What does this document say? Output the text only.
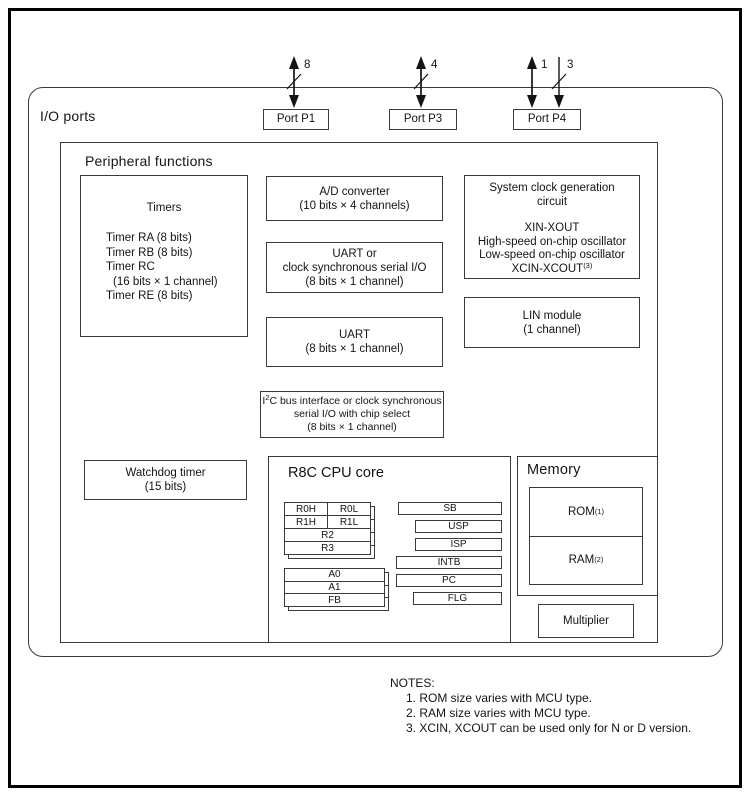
I/O ports	Port P1	Port P3	Port P4
Peripheral functions
Timers
Timer RA (8 bits)
Timer RB (8 bits)
Timer RC
(16 bits × 1 channel)
Timer RE (8 bits)
A/D converter
(10 bits × 4 channels)
UART or
clock synchronous serial I/O
(8 bits × 1 channel)
UART
(8 bits × 1 channel)
$I^2C$ bus interface or clock synchronous
serial I/O with chip select
(8 bits × 1 channel)
System clock generation
circuit
XIN-XOUT
High-speed on-chip oscillator
Low-speed on-chip oscillator
XCIN-XCOUT$^{(3)}$
LIN module
(1 channel)
Watchdog timer
(15 bits)
R8C CPU core
R0H	R0L
R1H	R1L
R2
R3
A0
A1
FB
SB
USP
ISP
INTB
PC
FLG
Memory
ROM (1)
RAM (2)
Multiplier
NOTES:
1. ROM size varies with MCU type.
2. RAM size varies with MCU type.
3. XCIN, XCOUT can be used only for N or D version.
8	4	1 3
